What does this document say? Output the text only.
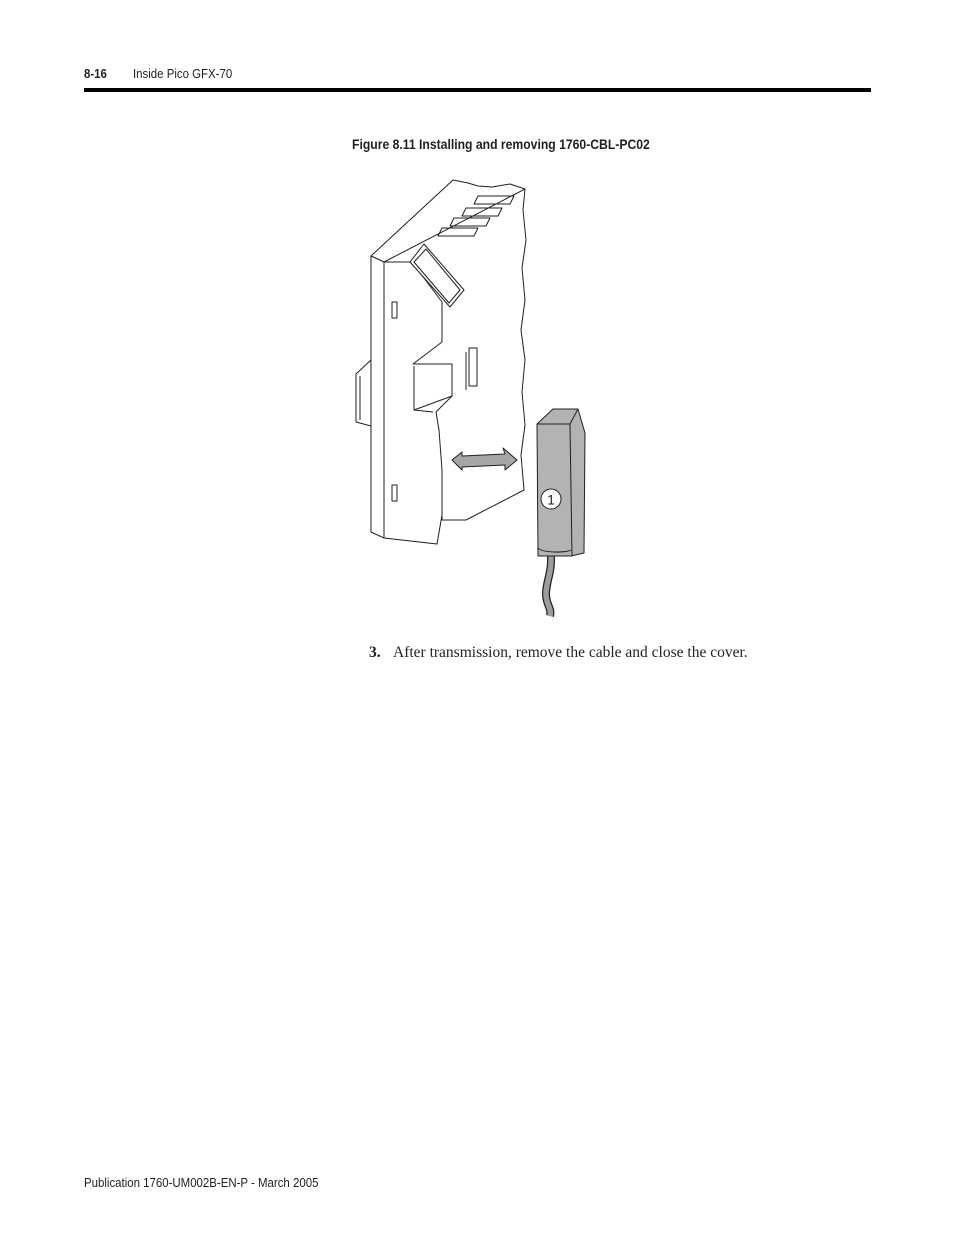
8-16 Inside Pico GFX-70
Figure 8.11 Installing and removing 1760-CBL-PC02
1
3. After transmission, remove the cable and close the cover.
Publication 1760-UM002B-EN-P - March 2005
